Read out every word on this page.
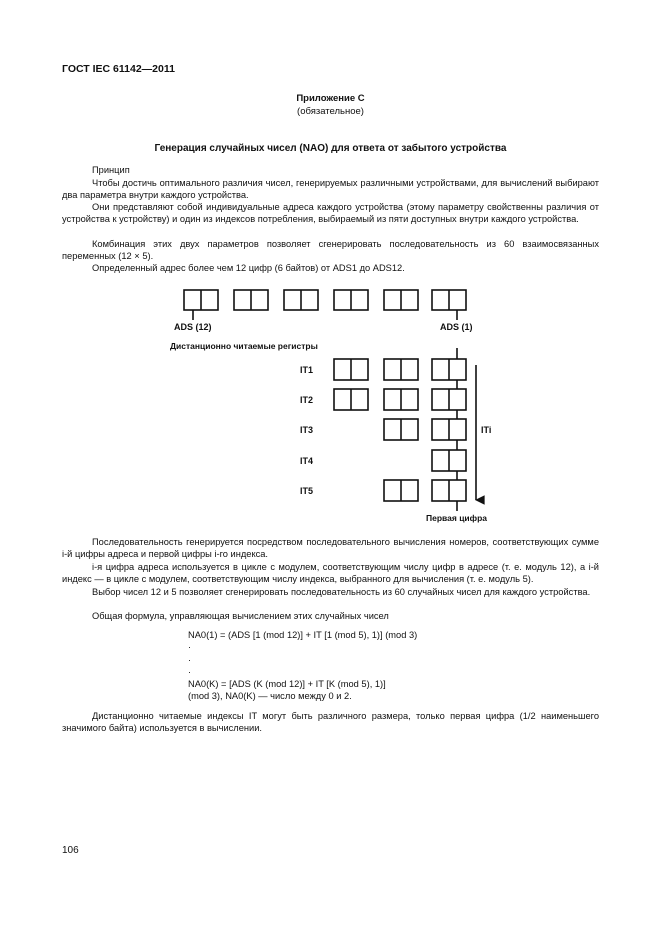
ГОСТ IEC 61142—2011
Приложение C
(обязательное)
Генерация случайных чисел (NAO) для ответа от забытого устройства
Принцип
Чтобы достичь оптимального различия чисел, генерируемых различными устройствами, для вычислений выбирают два параметра внутри каждого устройства.
Они представляют собой индивидуальные адреса каждого устройства (этому параметру свойственны различия от устройства к устройству) и один из индексов потребления, выбираемый из пяти доступных внутри каждого устройства.
Комбинация этих двух параметров позволяет сгенерировать последовательность из 60 взаимосвязанных переменных (12 × 5).
Определенный адрес более чем 12 цифр (6 байтов) от ADS1 до ADS12.
ADS (12)	ADS (1)
Дистанционно читаемые регистры
IT1
IT2
IT3
IT4
IT5
ITi
Первая цифра
Последовательность генерируется посредством последовательного вычисления номеров, соответствующих сумме i-й цифры адреса и первой цифры i-го индекса.
i-я цифра адреса используется в цикле с модулем, соответствующим числу цифр в адресе (т. е. модуль 12), а i-й индекс — в цикле с модулем, соответствующим числу индекса, выбранного для вычисления (т. е. модуль 5).
Выбор чисел 12 и 5 позволяет сгенерировать последовательность из 60 случайных чисел для каждого устройства.
Общая формула, управляющая вычислением этих случайных чисел
NA0(1) = (ADS [1 (mod 12)] + IT [1 (mod 5), 1)] (mod 3)
·
·
·
NA0(K) = [ADS (K (mod 12)] + IT [K (mod 5), 1)]
(mod 3), NA0(K) — число между 0 и 2.
Дистанционно читаемые индексы IT могут быть различного размера, только первая цифра (1/2 наименьшего значимого байта) используется в вычислении.
106
